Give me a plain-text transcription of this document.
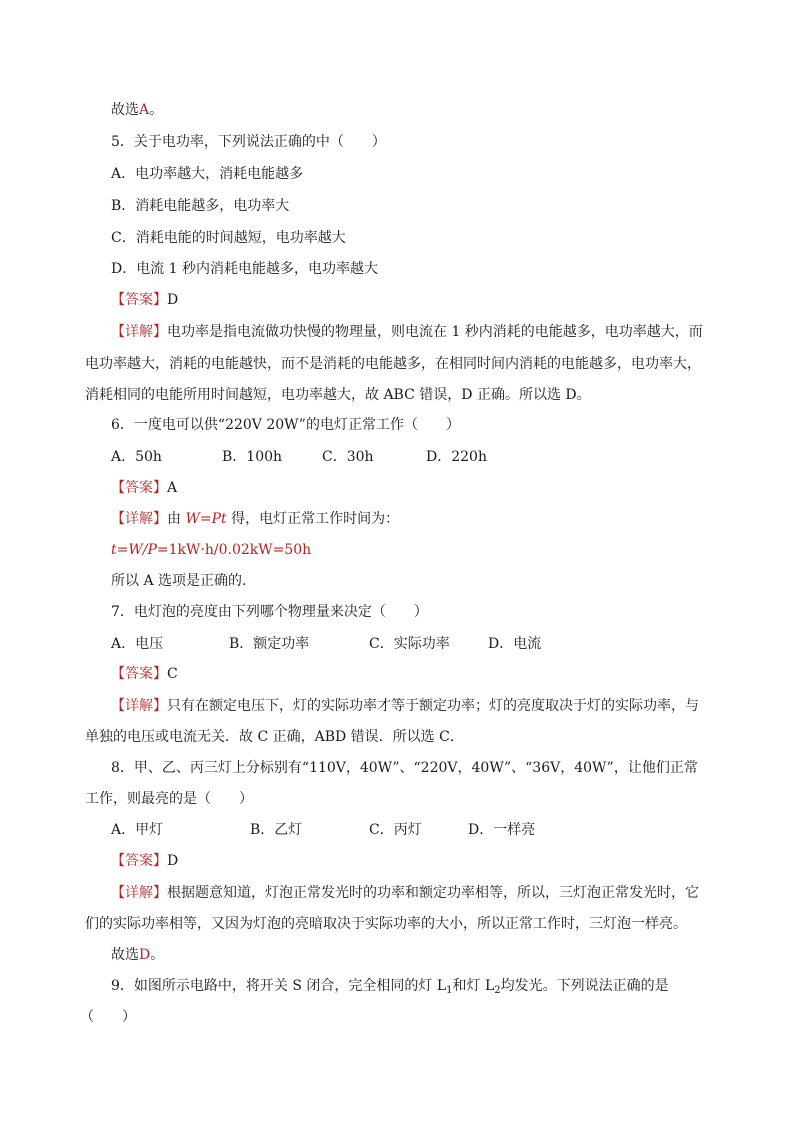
故选A。
5．关于电功率，下列说法正确的中（　　）
A．电功率越大，消耗电能越多
B．消耗电能越多，电功率大
C．消耗电能的时间越短，电功率越大
D．电流 1 秒内消耗电能越多，电功率越大
【答案】D
【详解】电功率是指电流做功快慢的物理量，则电流在 1 秒内消耗的电能越多，电功率越大，而
电功率越大，消耗的电能越快，而不是消耗的电能越多，在相同时间内消耗的电能越多，电功率大，
消耗相同的电能所用时间越短，电功率越大，故 ABC 错误，D 正确。所以选 D。
6．一度电可以供“220V 20W”的电灯正常工作（　　）
A．50h	B．100h	C．30h	D．220h
【答案】A
【详解】由 W=Pt 得，电灯正常工作时间为：
t=W/P=1kW·h/0.02kW=50h
所以 A 选项是正确的.
7．电灯泡的亮度由下列哪个物理量来决定（　　）
A．电压	B．额定功率	C．实际功率	D．电流
【答案】C
【详解】只有在额定电压下，灯的实际功率才等于额定功率；灯的亮度取决于灯的实际功率，与
单独的电压或电流无关．故 C 正确，ABD 错误．所以选 C．
8．甲、乙、丙三灯上分标别有“110V，40W”、“220V，40W”、“36V，40W”，让他们正常
工作，则最亮的是（　　）
A．甲灯	B．乙灯	C．丙灯	D．一样亮
【答案】D
【详解】根据题意知道，灯泡正常发光时的功率和额定功率相等，所以，三灯泡正常发光时，它
们的实际功率相等，又因为灯泡的亮暗取决于实际功率的大小，所以正常工作时，三灯泡一样亮。
故选D。
9．如图所示电路中，将开关 S 闭合，完全相同的灯 $L_1$和灯 $L_2$均发光。下列说法正确的是
（　　）
